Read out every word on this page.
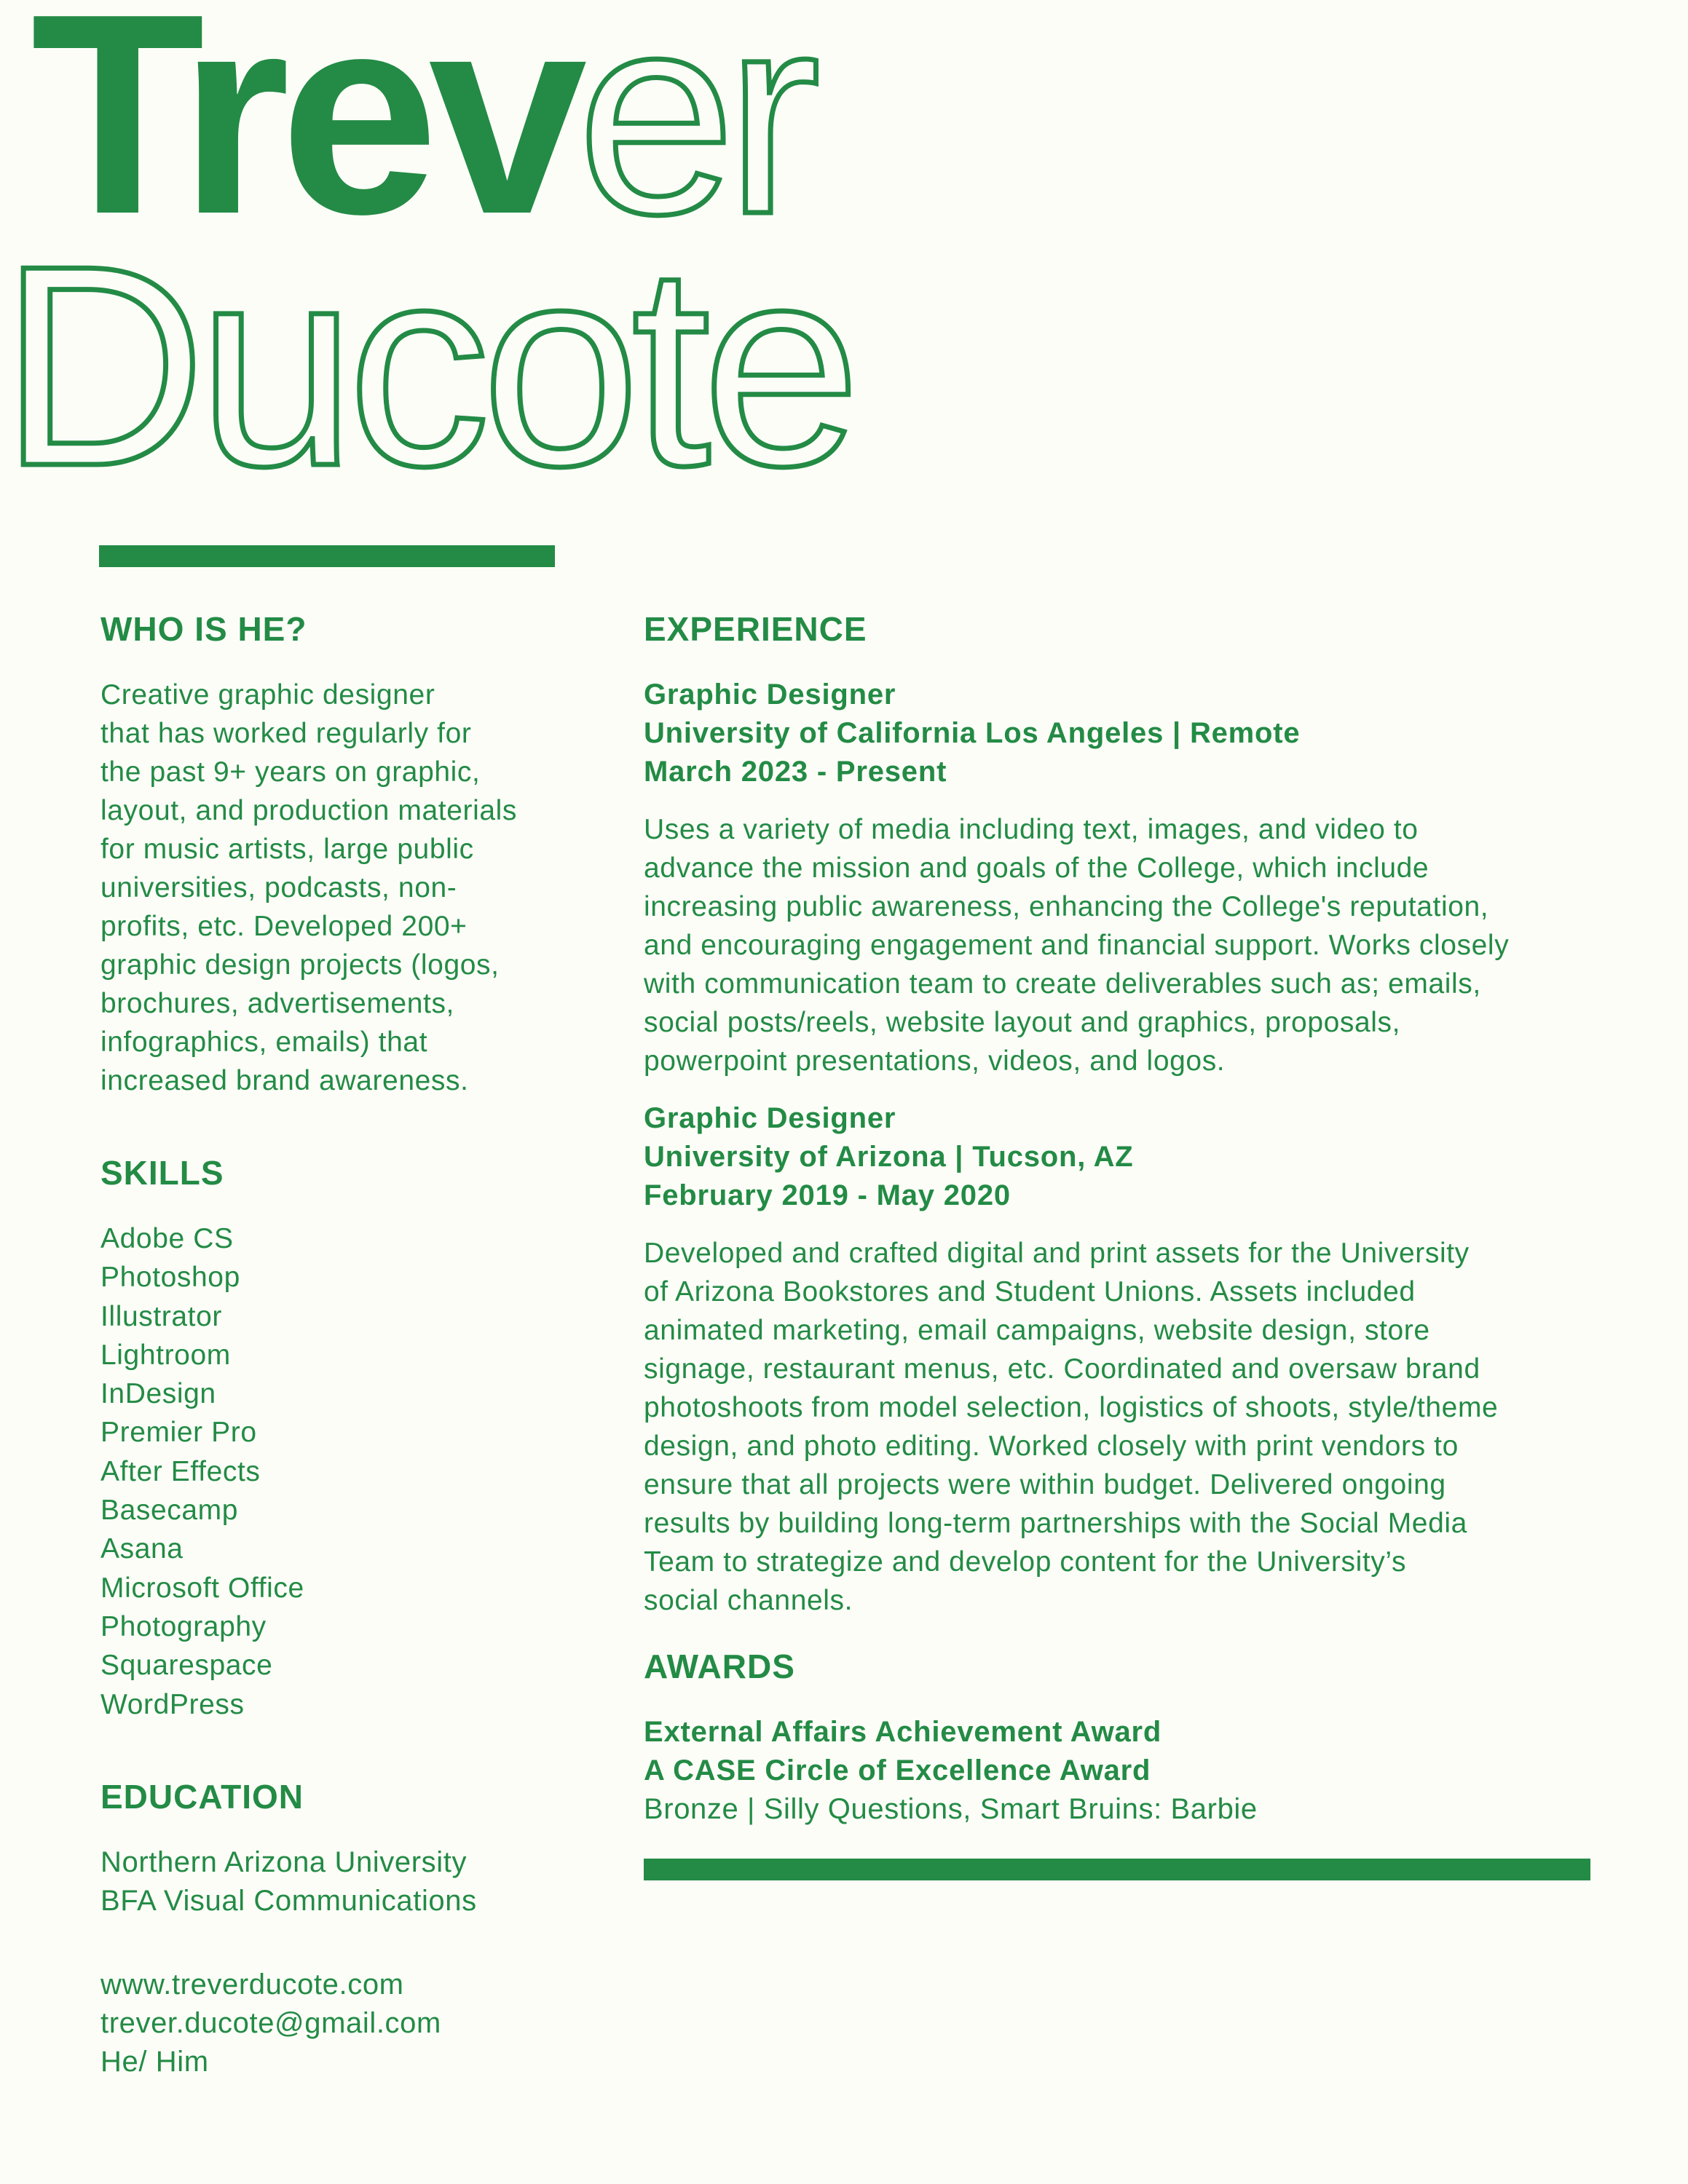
Trever
Ducote
WHO IS HE?

Creative graphic designer
that has worked regularly for
the past 9+ years on graphic,
layout, and production materials
for music artists, large public
universities, podcasts, non-
profits, etc. Developed 200+
graphic design projects (logos,
brochures, advertisements,
infographics, emails) that
increased brand awareness.

SKILLS
Adobe CS
Photoshop
Illustrator
Lightroom
InDesign
Premier Pro
After Effects
Basecamp
Asana
Microsoft Office
Photography
Squarespace
WordPress
EDUCATION

Northern Arizona University

BFA Visual Communications

www.treverducote.com

trever.ducote@gmail.com

He/ Him

EXPERIENCE

Graphic Designer

University of California Los Angeles | Remote

March 2023 - Present

Uses a variety of media including text, images, and video to
advance the mission and goals of the College, which include
increasing public awareness, enhancing the College's reputation,
and encouraging engagement and financial support. Works closely
with communication team to create deliverables such as; emails,
social posts/reels, website layout and graphics, proposals,
powerpoint presentations, videos, and logos.

Graphic Designer

University of Arizona | Tucson, AZ

February 2019 - May 2020

Developed and crafted digital and print assets for the University
of Arizona Bookstores and Student Unions. Assets included
animated marketing, email campaigns, website design, store
signage, restaurant menus, etc. Coordinated and oversaw brand
photoshoots from model selection, logistics of shoots, style/theme
design, and photo editing. Worked closely with print vendors to
ensure that all projects were within budget. Delivered ongoing
results by building long-term partnerships with the Social Media
Team to strategize and develop content for the University’s
social channels.

AWARDS

External Affairs Achievement Award

A CASE Circle of Excellence Award

Bronze | Silly Questions, Smart Bruins: Barbie
